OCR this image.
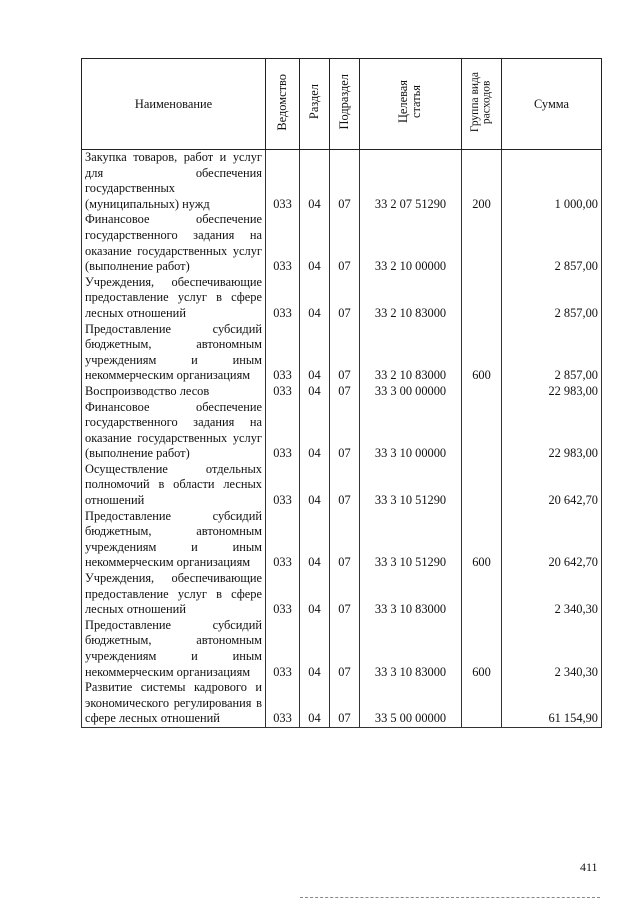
Наименование	Ведомство	Раздел	Подраздел	Целевая
статья	Группа вида
расходов	Сумма
Закупка товаров, работ и услуг для обеспечения государственных (муниципальных) нужд	033	04	07	33 2 07 51290	200	1 000,00
Финансовое обеспечение государственного задания на оказание государственных услуг (выполнение работ)	033	04	07	33 2 10 00000		2 857,00
Учреждения, обеспечивающие предоставление услуг в сфере лесных отношений	033	04	07	33 2 10 83000		2 857,00
Предоставление субсидий бюджетным, автономным учреждениям и иным некоммерческим организациям	033	04	07	33 2 10 83000	600	2 857,00
Воспроизводство лесов	033	04	07	33 3 00 00000		22 983,00
Финансовое обеспечение государственного задания на оказание государственных услуг (выполнение работ)	033	04	07	33 3 10 00000		22 983,00
Осуществление отдельных полномочий в области лесных отношений	033	04	07	33 3 10 51290		20 642,70
Предоставление субсидий бюджетным, автономным учреждениям и иным некоммерческим организациям	033	04	07	33 3 10 51290	600	20 642,70
Учреждения, обеспечивающие предоставление услуг в сфере лесных отношений	033	04	07	33 3 10 83000		2 340,30
Предоставление субсидий бюджетным, автономным учреждениям и иным некоммерческим организациям	033	04	07	33 3 10 83000	600	2 340,30
Развитие системы кадрового и экономического регулирования в сфере лесных отношений	033	04	07	33 5 00 00000		61 154,90
411
